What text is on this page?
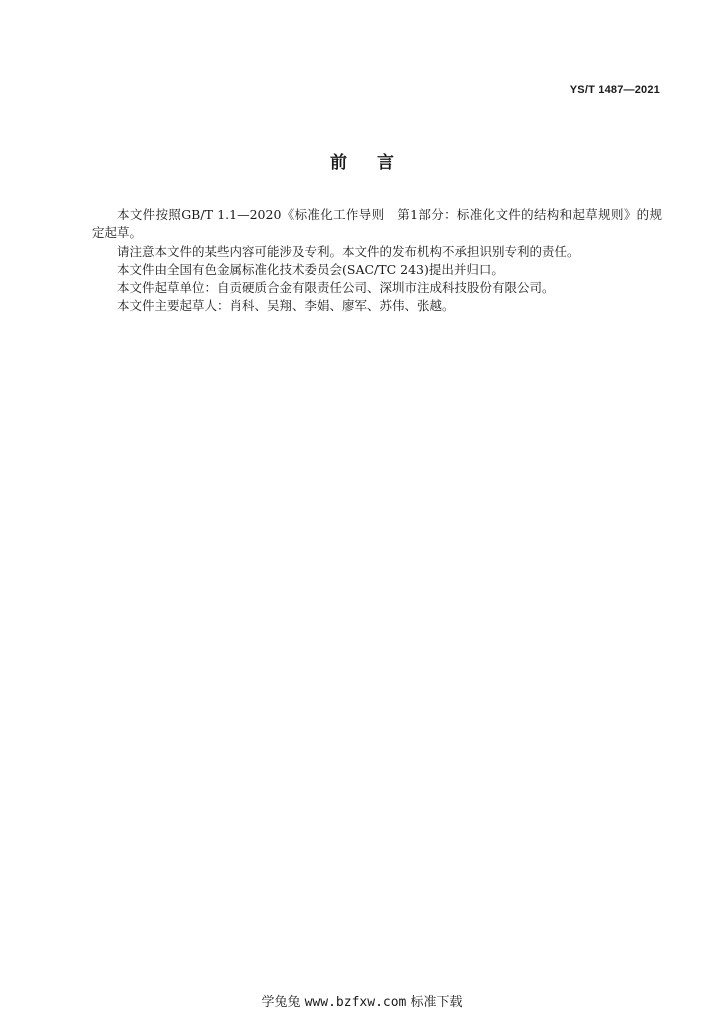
YS/T 1487—2021
前言

本文件按照GB/T 1.1—2020《标准化工作导则　第1部分：标准化文件的结构和起草规则》的规定起草。

请注意本文件的某些内容可能涉及专利。本文件的发布机构不承担识别专利的责任。

本文件由全国有色金属标准化技术委员会(SAC/TC 243)提出并归口。

本文件起草单位：自贡硬质合金有限责任公司、深圳市注成科技股份有限公司。

本文件主要起草人：肖科、吴翔、李娟、廖军、苏伟、张越。

学兔兔 www.bzfxw.com 标准下载
